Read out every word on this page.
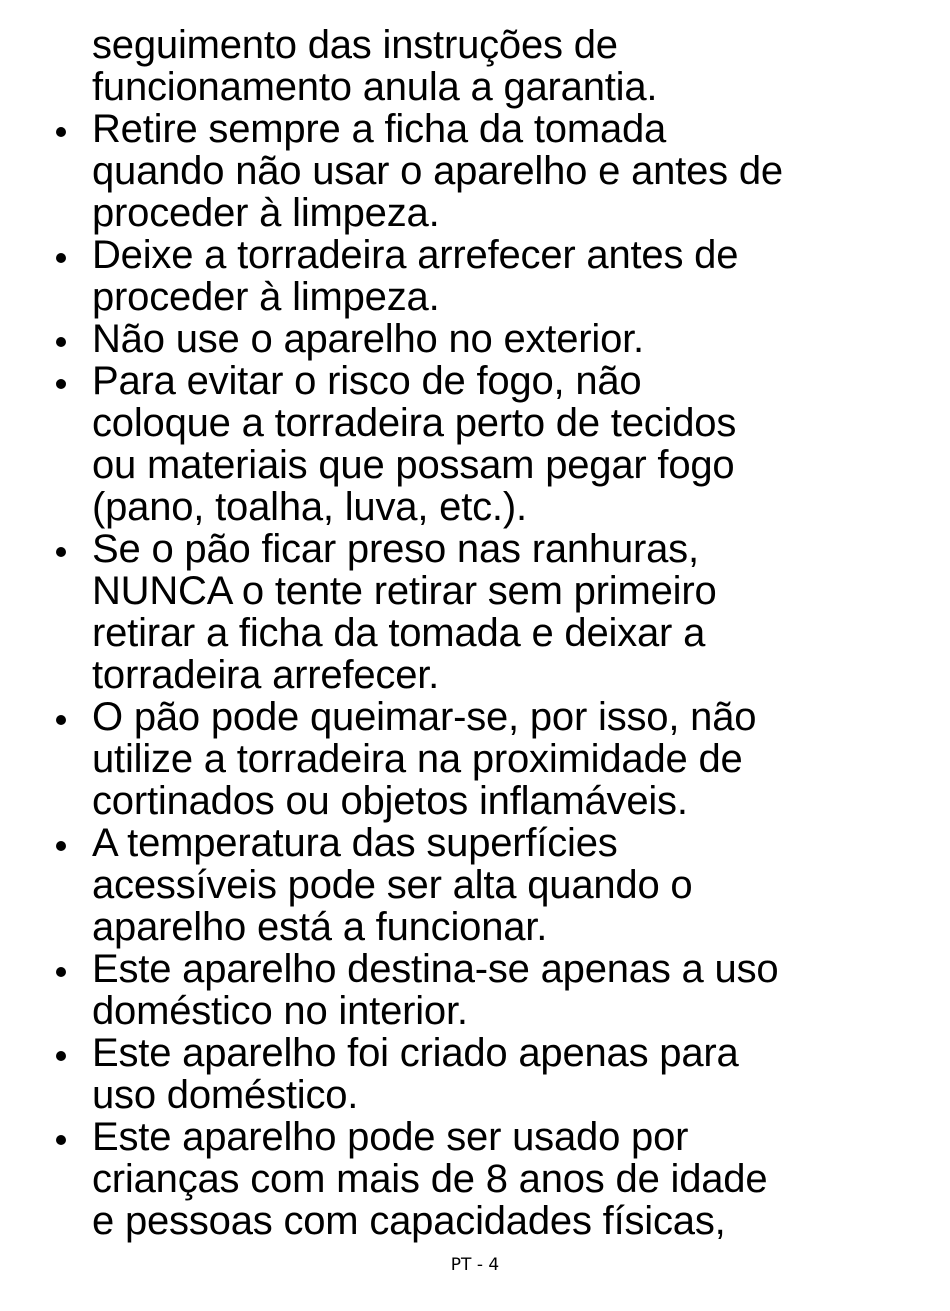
seguimento das instruções de
funcionamento anula a garantia.
Retire sempre a ficha da tomada
quando não usar o aparelho e antes de
proceder à limpeza.
Deixe a torradeira arrefecer antes de
proceder à limpeza.
Não use o aparelho no exterior.
Para evitar o risco de fogo, não
coloque a torradeira perto de tecidos
ou materiais que possam pegar fogo
(pano, toalha, luva, etc.).
Se o pão ficar preso nas ranhuras,
NUNCA o tente retirar sem primeiro
retirar a ficha da tomada e deixar a
torradeira arrefecer.
O pão pode queimar-se, por isso, não
utilize a torradeira na proximidade de
cortinados ou objetos inflamáveis.
A temperatura das superfícies
acessíveis pode ser alta quando o
aparelho está a funcionar.
Este aparelho destina-se apenas a uso
doméstico no interior.
Este aparelho foi criado apenas para
uso doméstico.
Este aparelho pode ser usado por
crianças com mais de 8 anos de idade
e pessoas com capacidades físicas,
PT - 4
